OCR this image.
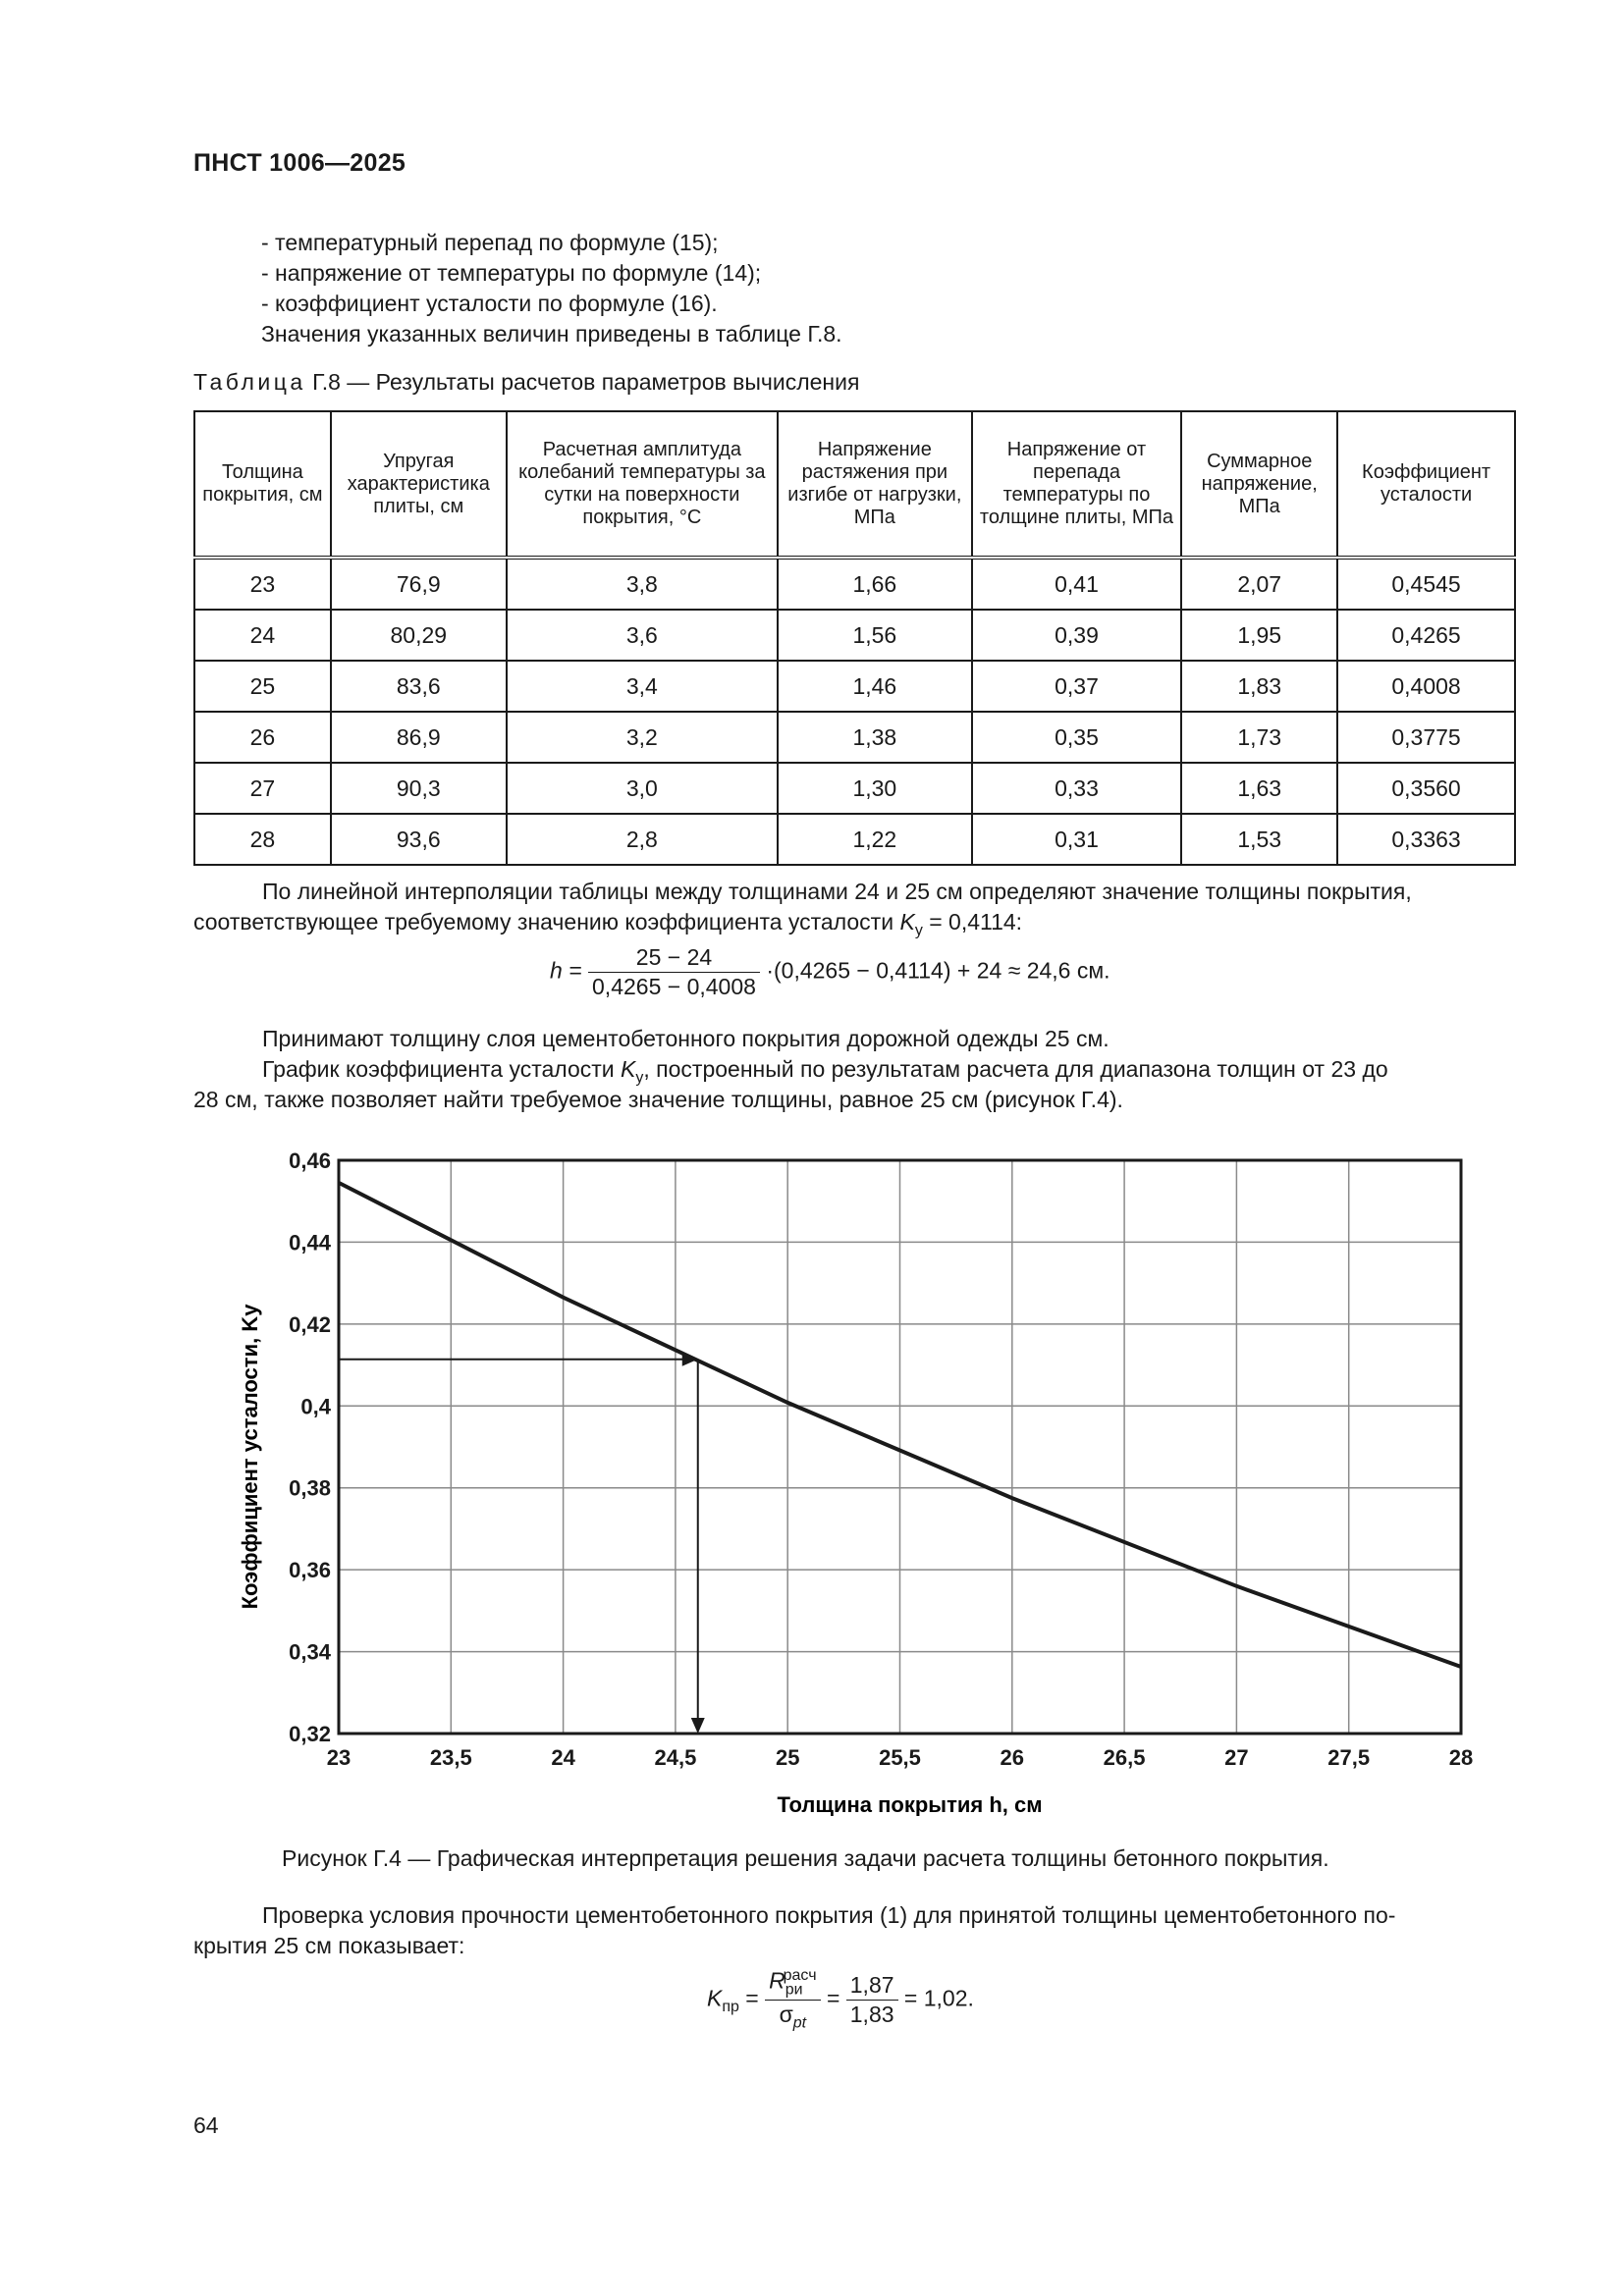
ПНСТ 1006—2025
- температурный перепад по формуле (15);
- напряжение от температуры по формуле (14);
- коэффициент усталости по формуле (16).
Значения указанных величин приведены в таблице Г.8.
Таблица Г.8 — Результаты расчетов параметров вычисления
Толщина покрытия, см	Упругая характеристика плиты, см	Расчетная амплитуда колебаний температуры за сутки на поверхности покрытия, °С	Напряжение растяжения при изгибе от нагрузки, МПа	Напряжение от перепада температуры по толщине плиты, МПа	Суммарное напряжение, МПа	Коэффициент усталости
23	76,9	3,8	1,66	0,41	2,07	0,4545
24	80,29	3,6	1,56	0,39	1,95	0,4265
25	83,6	3,4	1,46	0,37	1,83	0,4008
26	86,9	3,2	1,38	0,35	1,73	0,3775
27	90,3	3,0	1,30	0,33	1,63	0,3560
28	93,6	2,8	1,22	0,31	1,53	0,3363
По линейной интерполяции таблицы между толщинами 24 и 25 см определяют значение толщины покрытия,
соответствующее требуемому значению коэффициента усталости $K_у = 0,4114$:
$h = \frac{25 - 24}{0,4265 - 0,4008} \cdot(0,4265 - 0,4114) + 24 \approx 24,6$ см.
Принимают толщину слоя цементобетонного покрытия дорожной одежды 25 см.
График коэффициента усталости $K_у$, построенный по результатам расчета для диапазона толщин от 23 до
28 см, также позволяет найти требуемое значение толщины, равное 25 см (рисунок Г.4).
23	23,5	24	24,5	25	25,5	26	26,5	27	27,5	28
0,32
0,34
0,36
0,38
0,4
0,42
0,44
0,46
Толщина покрытия h, см
Коэффициент усталости, Ky
Рисунок Г.4 — Графическая интерпретация решения задачи расчета толщины бетонного покрытия.
Проверка условия прочности цементобетонного покрытия (1) для принятой толщины цементобетонного по-
крытия 25 см показывает:
$K_{пр} = \frac{R_{ри}^{расч}}{\sigma_{pt}} = \frac{1,87}{1,83} = 1,02$.
64
